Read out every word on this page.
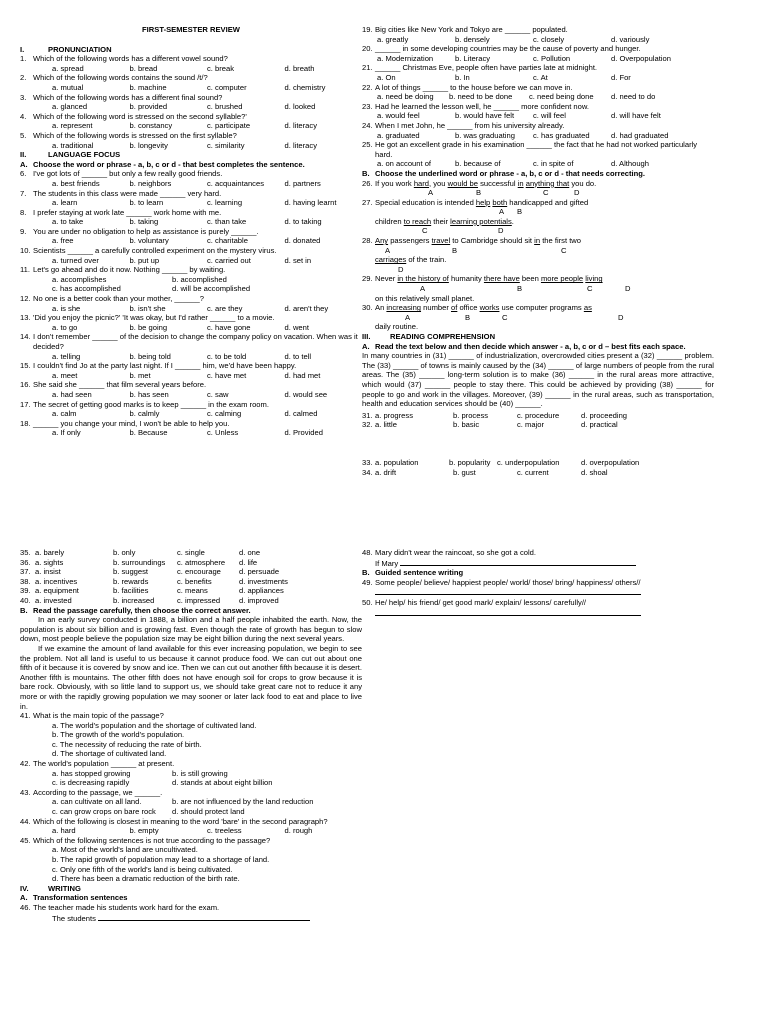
FIRST-SEMESTER REVIEW
I.	PRONUNCIATION
1. Which of the following words has a different vowel sound?
a. spread	b. bread	c. break	d. breath
2. Which of the following words contains the sound /t/?
a. mutual	b. machine	c. computer	d. chemistry
3. Which of the following words has a different final sound?
a. glanced	b. provided	c. brushed	d. looked
4. Which of the following word is stressed on the second syllable?'
a. represent	b. constancy	c. participate	d. literacy
5. Which of the following words is stressed on the first syllable?
a. traditional	b. longevity	c. similarity	d. literacy
II.	LANGUAGE FOCUS
A. Choose the word or phrase - a, b, c or d - that best completes the sentence.
6. I've got lots of ______ but only a few really good friends.
a. best friends	b. neighbors	c. acquaintances	d. partners
7. The students in this class were made ______ very hard.
a. learn	b. to learn	c. learning	d. having learnt
8. I prefer staying at work late ______ work home with me.
a. to take	b. taking	c. than take	d. to taking
9. You are under no obligation to help as assistance is purely ______.
a. free	b. voluntary	c. charitable	d. donated
10. Scientists ______ a carefully controlled experiment on the mystery virus.
a. turned over	b. put up	c. carried out	d. set in
11. Let's go ahead and do it now. Nothing ______ by waiting.
a. accomplishes	b. accomplished
c. has accomplished	d. will be accomplished
12. No one is a better cook than your mother, ______?
a. is she	b. isn't she	c. are they	d. aren't they
13. 'Did you enjoy the picnic?' 'It was okay, but I'd rather ______ to a movie.
a. to go	b. be going	c. have gone	d. went
14. I don't remember ______ of the decision to change the company policy on vacation. When was it decided?
a. telling	b. being told	c. to be told	d. to tell
15. I couldn't find Jo at the party last night. If I ______ him, we'd have been happy.
a. meet	b. met	c. have met	d. had met
16. She said she ______ that film several years before.
a. had seen	b. has seen	c. saw	d. would see
17. The secret of getting good marks is to keep ______ in the exam room.
a. calm	b. calmly	c. calming	d. calmed
18. ______ you change your mind, I won't be able to help you.
a. If only	b. Because	c. Unless	d. Provided
19. Big cities like New York and Tokyo are ______ populated.
a. greatly	b. densely	c. closely	d. variously
20. ______ in some developing countries may be the cause of poverty and hunger.
a. Modernization	b. Literacy	c. Pollution	d. Overpopulation
21. ______ Christmas Eve, people often have parties late at midnight.
a. On	b. In	c. At	d. For
22. A lot of things ______ to the house before we can move in.
a. need be doing	b. need to be done	c. need being done	d. need to do
23. Had he learned the lesson well, he ______ more confident now.
a. would feel	b. would have felt	c. will feel	d. will have felt
24. When I met John, he ______ from his university already.
a. graduated	b. was graduating	c. has graduated	d. had graduated
25. He got an excellent grade in his examination ______ the fact that he had not worked particularly hard.
a. on account of	b. because of	c. in spite of	d. Although
B. Choose the underlined word or phrase - a, b, c or d - that needs correcting.
26. If you work hard, you would be successful in anything that you do.
A	B	C	D
27. Special education is intended help both handicapped and gifted
A B
children to reach their learning potentials.
C	D
28. Any passengers travel to Cambridge should sit in the first two
A	B	C
carriages of the train.
D
29. Never in the history of humanity there have been more people living
A	B	C	D
on this relatively small planet.
30. An increasing number of office works use computer programs as
A	B	C	D
daily routine.
III.	READING COMPREHENSION
A. Read the text below and then decide which answer - a, b, c or d – best fits each space.
In many countries in (31) ______ of industrialization, overcrowded cities present a (32) ______ problem. The (33) ______ of towns is mainly caused by the (34) ______ of large numbers of people from the rural areas. The (35) ______ long-term solution is to make (36) ______ in the rural areas more attractive, which would (37) ______ people to stay there. This could be achieved by providing (38) ______ for people to go and work in the villages. Moreover, (39) ______ in the rural areas, such as transportation, health and education services should be (40) ______.
31. a. progress	b. process	c. procedure	d. proceeding
32. a. little	b. basic	c. major	d. practical
33. a. population	b. popularity c. underpopulation	d. overpopulation
34. a. drift	b. gust	c. current	d. shoal
35. a. barely	b. only	c. single	d. one
36. a. sights	b. surroundings	c. atmosphere	d. life
37. a. insist	b. suggest	c. encourage	d. persuade
38. a. incentives	b. rewards	c. benefits	d. investments
39. a. equipment	b. facilities	c. means	d. appliances
40. a. invested	b. increased	c. impressed	d. improved
B. Read the passage carefully, then choose the correct answer.
In an early survey conducted in 1888, a billion and a half people inhabited the earth. Now, the population is about six billion and is growing fast. Even though the rate of growth has begun to slow down, most people believe the population size may be eight billion during the next several years.
If we examine the amount of land available for this ever increasing population, we begin to see the problem. Not all land is useful to us because it cannot produce food. We can cut out about one fifth of it because it is covered by snow and ice. Then we can cut out another fifth because it is desert. Another fifth is mountains. The other fifth does not have enough soil for crops to grow because it is bare rock. Obviously, with so little land to support us, we should take great care not to reduce it any more or with the rapidly growing population we may sooner or later lack food to eat and place to live in.
41. What is the main topic of the passage?
a. The world's population and the shortage of cultivated land.
b. The growth of the world's population.
c. The necessity of reducing the rate of birth.
d. The shortage of cultivated land.
42. The world's population ______ at present.
a. has stopped growing	b. is still growing
c. is decreasing rapidly	d. stands at about eight billion
43. According to the passage, we ______.
a. can cultivate on all land.	b. are not influenced by the land reduction
c. can grow crops on bare rock	d. should protect land
44. Which of the following is closest in meaning to the word 'bare' in the second paragraph?
a. hard	b. empty	c. treeless	d. rough
45. Which of the following sentences is not true according to the passage?
a. Most of the world's land are uncultivated.
b. The rapid growth of population may lead to a shortage of land.
c. Only one fifth of the world's land is being cultivated.
d. There has been a dramatic reduction of the birth rate.
IV.	WRITING
A. Transformation sentences
46. The teacher made his students work hard for the exam.
The students
48. Mary didn't wear the raincoat, so she got a cold.
If Mary
B. Guided sentence writing
49. Some people/ believe/ happiest people/ world/ those/ bring/ happiness/ others//
50. He/ help/ his friend/ get good mark/ explain/ lessons/ carefully//
